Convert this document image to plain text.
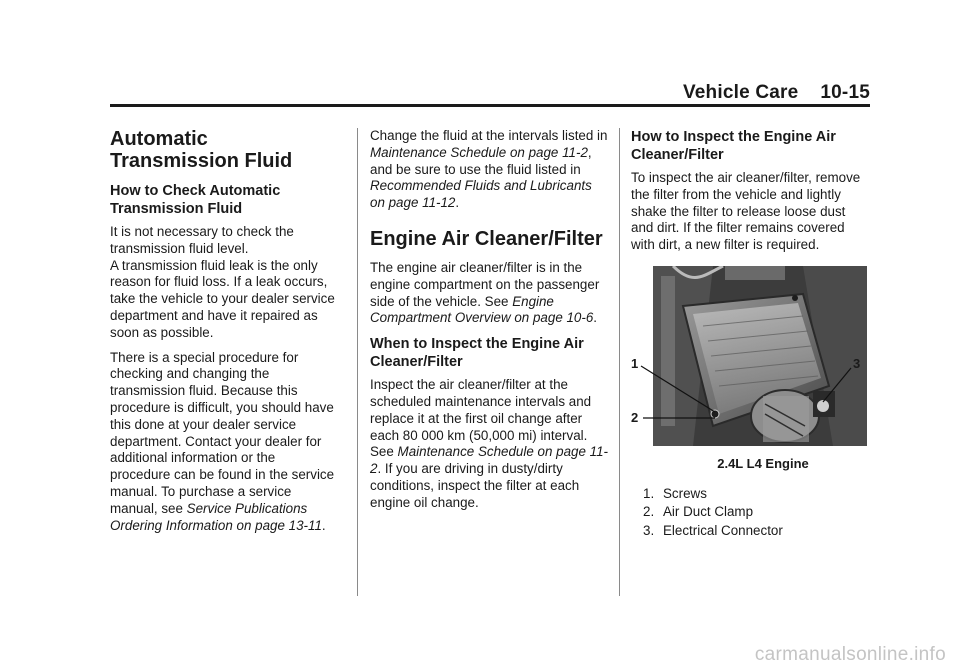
Vehicle Care 10-15
Automatic Transmission Fluid
How to Check Automatic Transmission Fluid

It is not necessary to check the transmission fluid level.

A transmission fluid leak is the only reason for fluid loss. If a leak occurs, take the vehicle to your dealer service department and have it repaired as soon as possible.

There is a special procedure for checking and changing the transmission fluid. Because this procedure is difficult, you should have this done at your dealer service department. Contact your dealer for additional information or the procedure can be found in the service manual. To purchase a service manual, see Service Publications Ordering Information on page 13-11.

Change the fluid at the intervals listed in Maintenance Schedule on page 11-2, and be sure to use the fluid listed in Recommended Fluids and Lubricants on page 11-12.

Engine Air Cleaner/Filter

The engine air cleaner/filter is in the engine compartment on the passenger side of the vehicle. See Engine Compartment Overview on page 10-6.

When to Inspect the Engine Air Cleaner/Filter

Inspect the air cleaner/filter at the scheduled maintenance intervals and replace it at the first oil change after each 80 000 km (50,000 mi) interval. See Maintenance Schedule on page 11-2. If you are driving in dusty/dirty conditions, inspect the filter at each engine oil change.

How to Inspect the Engine Air Cleaner/Filter

To inspect the air cleaner/filter, remove the filter from the vehicle and lightly shake the filter to release loose dust and dirt. If the filter remains covered with dirt, a new filter is required.

1
2
3
2.4L L4 Engine
1. Screws
2. Air Duct Clamp
3. Electrical Connector
carmanualsonline.info
